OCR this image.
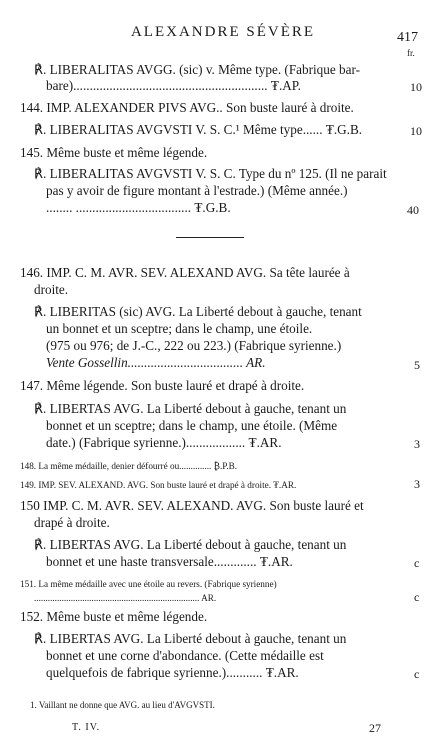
ALEXANDRE SÉVÈRE	417
fr.
℟. LIBERALITAS AVGG. (sic) v. Même type. (Fabrique bar-
bare)........................................................... ₮.AP.	10
144. IMP. ALEXANDER PIVS AVG.. Son buste lauré à droite.
℟. LIBERALITAS AVGVSTI V. S. C.¹ Même type...... ₮.G.B.	10
145. Même buste et même légende.
℟. LIBERALITAS AVGVSTI V. S. C. Type du nº 125. (Il ne parait
pas y avoir de figure montant à l'estrade.) (Même année.)
........ ................................... ₮.G.B.	40
146. IMP. C. M. AVR. SEV. ALEXAND AVG. Sa tête laurée à
droite.
℟. LIBERITAS (sic) AVG. La Liberté debout à gauche, tenant
un bonnet et un sceptre; dans le champ, une étoile.
(975 ou 976; de J.-C., 222 ou 223.) (Fabrique syrienne.)
Vente Gossellin................................... AR.	5
147. Même légende. Son buste lauré et drapé à droite.
℟. LIBERTAS AVG. La Liberté debout à gauche, tenant un
bonnet et un sceptre; dans le champ, une étoile. (Même
date.) (Fabrique syrienne.).................. ₮.AR.	3
148. La même médaille, denier défourré ou.............. ₿.P.B.
149. IMP. SEV. ALEXAND. AVG. Son buste lauré et drapé à droite. ₮.AR.	3
150 IMP. C. M. AVR. SEV. ALEXAND. AVG. Son buste lauré et
drapé à droite.
℟. LIBERTAS AVG. La Liberté debout à gauche, tenant un
bonnet et une haste transversale............. ₮.AR.	c
151. La même médaille avec une étoile au revers. (Fabrique syrienne)
........................................................................ AR.	c
152. Même buste et même légende.
℟. LIBERTAS AVG. La Liberté debout à gauche, tenant un
bonnet et une corne d'abondance. (Cette médaille est
quelquefois de fabrique syrienne.)........... ₮.AR.	c
1. Vaillant ne donne que AVG. au lieu d'AVGVSTI.
T. IV.	27
